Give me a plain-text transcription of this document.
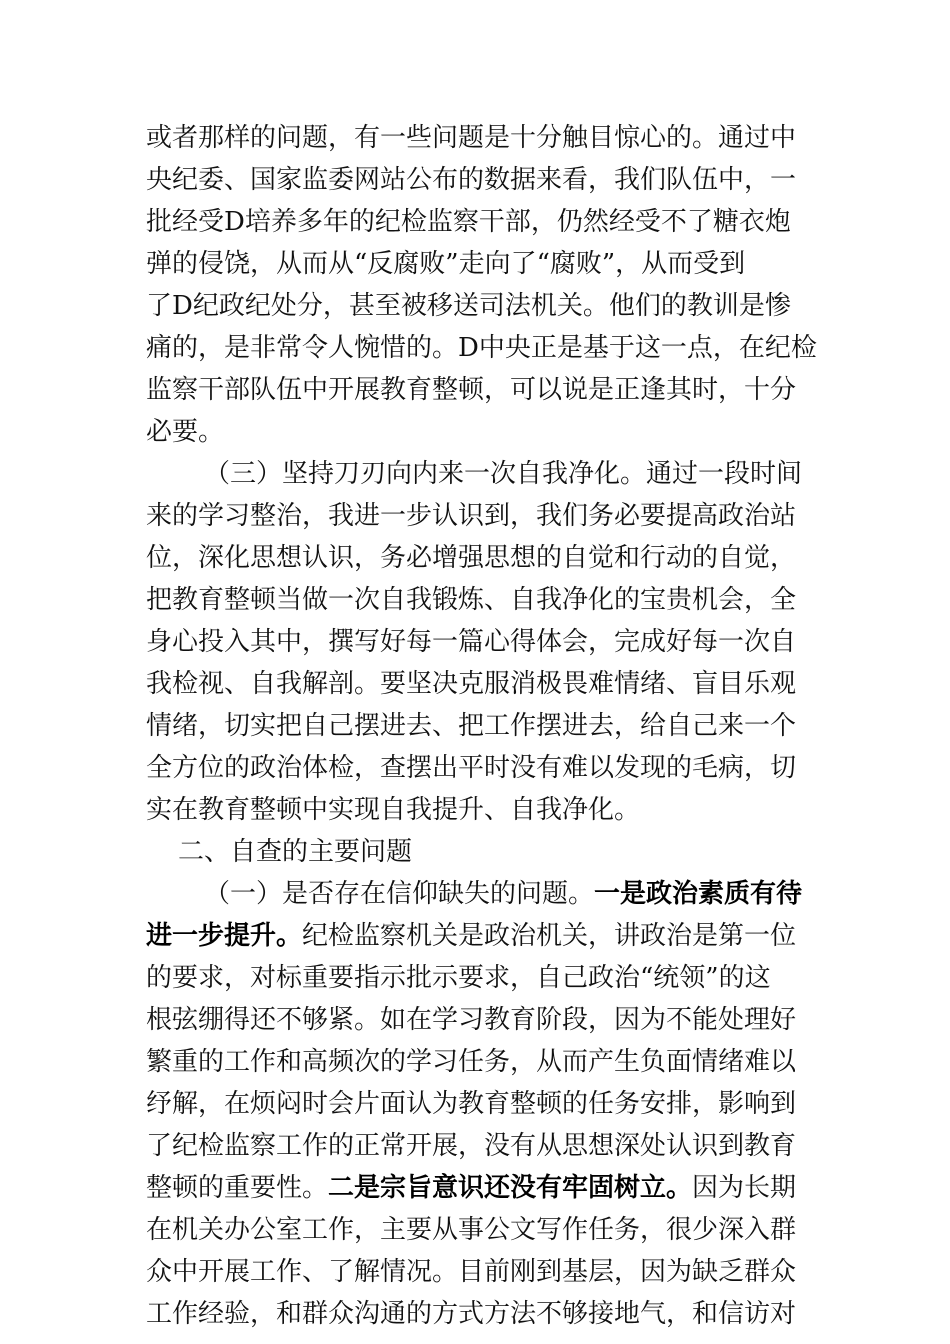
或者那样的问题，有一些问题是十分触目惊心的。通过中
央纪委、国家监委网站公布的数据来看，我们队伍中，一
批经受D培养多年的纪检监察干部，仍然经受不了糖衣炮
弹的侵饶，从而从“反腐败”走向了“腐败”，从而受到
了D纪政纪处分，甚至被移送司法机关。他们的教训是惨
痛的，是非常令人惋惜的。D中央正是基于这一点，在纪检
监察干部队伍中开展教育整顿，可以说是正逢其时，十分
必要。
（三）坚持刀刃向内来一次自我净化。通过一段时间
来的学习整治，我进一步认识到，我们务必要提高政治站
位，深化思想认识，务必增强思想的自觉和行动的自觉，
把教育整顿当做一次自我锻炼、自我净化的宝贵机会，全
身心投入其中，撰写好每一篇心得体会，完成好每一次自
我检视、自我解剖。要坚决克服消极畏难情绪、盲目乐观
情绪，切实把自己摆进去、把工作摆进去，给自己来一个
全方位的政治体检，查摆出平时没有难以发现的毛病，切
实在教育整顿中实现自我提升、自我净化。
二、自查的主要问题
（一）是否存在信仰缺失的问题。一是政治素质有待
进一步提升。纪检监察机关是政治机关，讲政治是第一位
的要求，对标重要指示批示要求，自己政治“统领”的这
根弦绷得还不够紧。如在学习教育阶段，因为不能处理好
繁重的工作和高频次的学习任务，从而产生负面情绪难以
纾解，在烦闷时会片面认为教育整顿的任务安排，影响到
了纪检监察工作的正常开展，没有从思想深处认识到教育
整顿的重要性。二是宗旨意识还没有牢固树立。因为长期
在机关办公室工作，主要从事公文写作任务，很少深入群
众中开展工作、了解情况。目前刚到基层，因为缺乏群众
工作经验，和群众沟通的方式方法不够接地气，和信访对
